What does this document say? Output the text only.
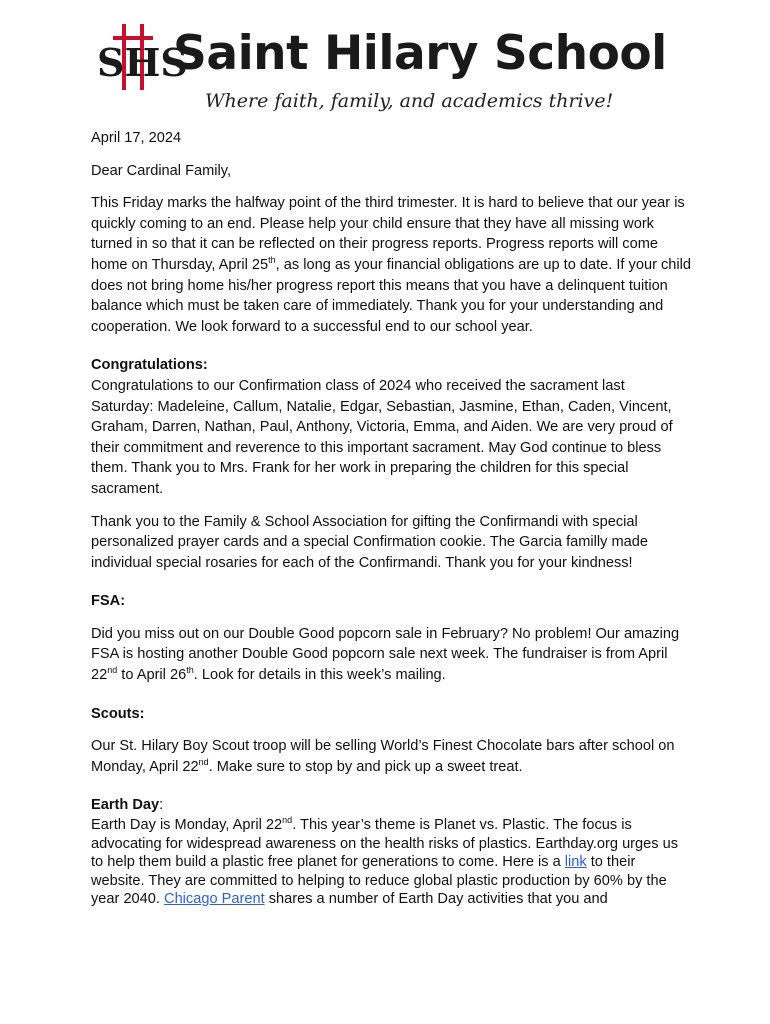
SHS
Saint Hilary School
Where faith, family, and academics thrive!

April 17, 2024

Dear Cardinal Family,

This Friday marks the halfway point of the third trimester. It is hard to believe that our year is quickly coming to an end. Please help your child ensure that they have all missing work turned in so that it can be reflected on their progress reports. Progress reports will come home on Thursday, April 25th, as long as your financial obligations are up to date. If your child does not bring home his/her progress report this means that you have a delinquent tuition balance which must be taken care of immediately. Thank you for your understanding and cooperation. We look forward to a successful end to our school year.

Congratulations:

Congratulations to our Confirmation class of 2024 who received the sacrament last Saturday: Madeleine, Callum, Natalie, Edgar, Sebastian, Jasmine, Ethan, Caden, Vincent, Graham, Darren, Nathan, Paul, Anthony, Victoria, Emma, and Aiden. We are very proud of their commitment and reverence to this important sacrament. May God continue to bless them. Thank you to Mrs. Frank for her work in preparing the children for this special sacrament.

Thank you to the Family & School Association for gifting the Confirmandi with special personalized prayer cards and a special Confirmation cookie. The Garcia familly made individual special rosaries for each of the Confirmandi. Thank you for your kindness!

FSA:

Did you miss out on our Double Good popcorn sale in February? No problem! Our amazing FSA is hosting another Double Good popcorn sale next week. The fundraiser is from April 22nd to April 26th. Look for details in this week’s mailing.

Scouts:

Our St. Hilary Boy Scout troop will be selling World’s Finest Chocolate bars after school on Monday, April 22nd. Make sure to stop by and pick up a sweet treat.

Earth Day:

Earth Day is Monday, April 22nd. This year’s theme is Planet vs. Plastic. The focus is advocating for widespread awareness on the health risks of plastics. Earthday.org urges us to help them build a plastic free planet for generations to come. Here is a link to their website. They are committed to helping to reduce global plastic production by 60% by the year 2040. Chicago Parent shares a number of Earth Day activities that you and
